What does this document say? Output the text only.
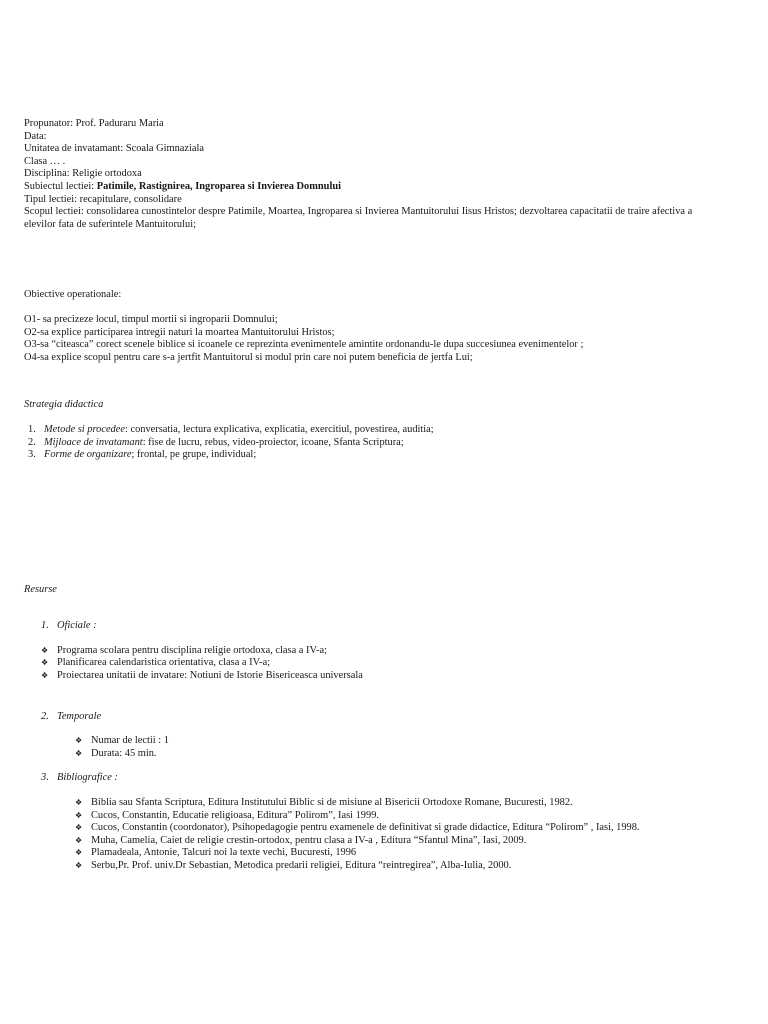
Propunator: Prof. Paduraru Maria
Data:
Unitatea de invatamant: Scoala Gimnaziala
Clasa … .
Disciplina: Religie ortodoxa
Subiectul lectiei: Patimile, Rastignirea, Ingroparea si Invierea Domnului
Tipul lectiei: recapitulare, consolidare
Scopul lectiei: consolidarea cunostintelor despre Patimile, Moartea, Ingroparea si Invierea Mantuitorului Iisus Hristos; dezvoltarea capacitatii de traire afectiva a elevilor fata de suferintele Mantuitorului;
Obiective operationale:
O1- sa precizeze locul, timpul mortii si ingroparii Domnului;
O2-sa explice participarea intregii naturi la moartea Mantuitorului Hristos;
O3-sa “citeasca” corect scenele biblice si icoanele ce reprezinta evenimentele amintite ordonandu-le dupa succesiunea evenimentelor ;
O4-sa explice scopul pentru care s-a jertfit Mantuitorul si modul prin care noi putem beneficia de jertfa Lui;
Strategia didactica
1. Metode si procedee: conversatia, lectura explicativa, explicatia, exercitiul, povestirea, auditia;
2. Mijloace de invatamant: fise de lucru, rebus, video-proiector, icoane, Sfanta Scriptura;
3. Forme de organizare; frontal, pe grupe, individual;
Resurse
1. Oficiale :
❖ Programa scolara pentru disciplina religie ortodoxa, clasa a IV-a;
❖ Planificarea calendaristica orientativa, clasa a IV-a;
❖ Proiectarea unitatii de invatare: Notiuni de Istorie Bisericeasca universala
2. Temporale
❖ Numar de lectii : 1
❖ Durata: 45 min.
3. Bibliografice :
❖ Biblia sau Sfanta Scriptura, Editura Institutului Biblic si de misiune al Bisericii Ortodoxe Romane, Bucuresti, 1982.
❖ Cucos, Constantin, Educatie religioasa, Editura” Polirom”, Iasi 1999.
❖ Cucos, Constantin (coordonator), Psihopedagogie pentru examenele de definitivat si grade didactice, Editura “Polirom” , Iasi, 1998.
❖ Muha, Camelia, Caiet de religie crestin-ortodox, pentru clasa a IV-a , Editura “Sfantul Mina”, Iasi, 2009.
❖ Plamadeala, Antonie, Talcuri noi la texte vechi, Bucuresti, 1996
❖ Serbu,Pr. Prof. univ.Dr Sebastian, Metodica predarii religiei, Editura “reintregirea”, Alba-Iulia, 2000.
